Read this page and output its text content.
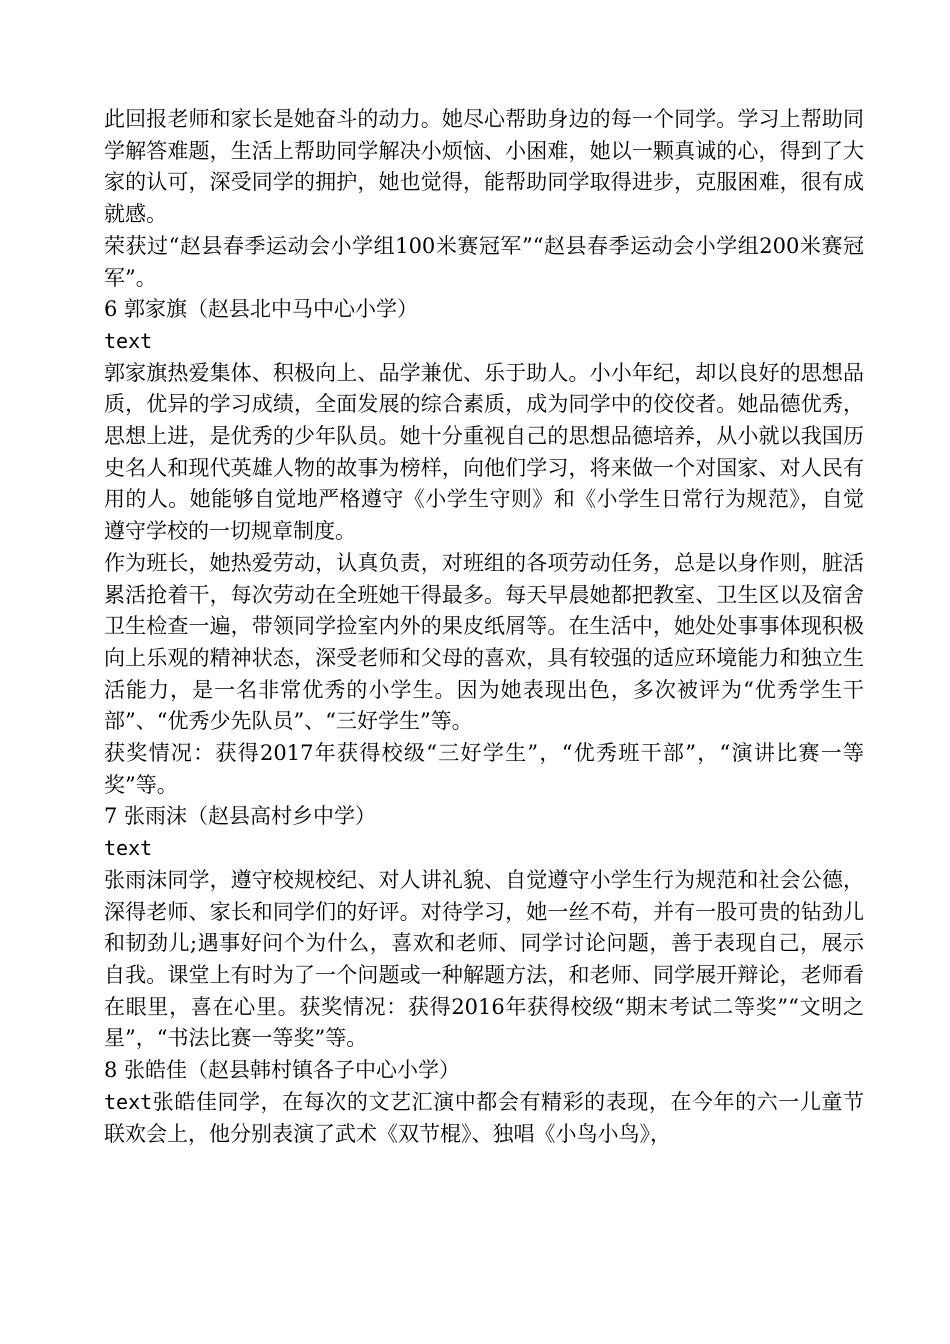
此回报老师和家长是她奋斗的动力。她尽心帮助身边的每一个同学。学习上帮助同学解答难题，生活上帮助同学解决小烦恼、小困难，她以一颗真诚的心，得到了大家的认可，深受同学的拥护，她也觉得，能帮助同学取得进步，克服困难，很有成就感。

荣获过“赵县春季运动会小学组100米赛冠军”“赵县春季运动会小学组200米赛冠军”。

6 郭家旗（赵县北中马中心小学）

text

郭家旗热爱集体、积极向上、品学兼优、乐于助人。小小年纪，却以良好的思想品质，优异的学习成绩，全面发展的综合素质，成为同学中的佼佼者。她品德优秀，思想上进，是优秀的少年队员。她十分重视自己的思想品德培养，从小就以我国历史名人和现代英雄人物的故事为榜样，向他们学习，将来做一个对国家、对人民有用的人。她能够自觉地严格遵守《小学生守则》和《小学生日常行为规范》，自觉遵守学校的一切规章制度。

作为班长，她热爱劳动，认真负责，对班组的各项劳动任务，总是以身作则，脏活累活抢着干，每次劳动在全班她干得最多。每天早晨她都把教室、卫生区以及宿舍卫生检查一遍，带领同学捡室内外的果皮纸屑等。在生活中，她处处事事体现积极向上乐观的精神状态，深受老师和父母的喜欢，具有较强的适应环境能力和独立生活能力，是一名非常优秀的小学生。因为她表现出色，多次被评为“优秀学生干部”、“优秀少先队员”、“三好学生”等。

获奖情况：获得2017年获得校级“三好学生”，“优秀班干部”，“演讲比赛一等奖”等。

7 张雨沫（赵县高村乡中学）

text

张雨沫同学，遵守校规校纪、对人讲礼貌、自觉遵守小学生行为规范和社会公德，深得老师、家长和同学们的好评。对待学习，她一丝不苟，并有一股可贵的钻劲儿和韧劲儿;遇事好问个为什么，喜欢和老师、同学讨论问题，善于表现自己，展示自我。课堂上有时为了一个问题或一种解题方法，和老师、同学展开辩论，老师看在眼里，喜在心里。获奖情况：获得2016年获得校级“期末考试二等奖”“文明之星”，“书法比赛一等奖”等。

8 张皓佳（赵县韩村镇各子中心小学）

text张皓佳同学，在每次的文艺汇演中都会有精彩的表现，在今年的六一儿童节联欢会上，他分别表演了武术《双节棍》、独唱《小鸟小鸟》，
